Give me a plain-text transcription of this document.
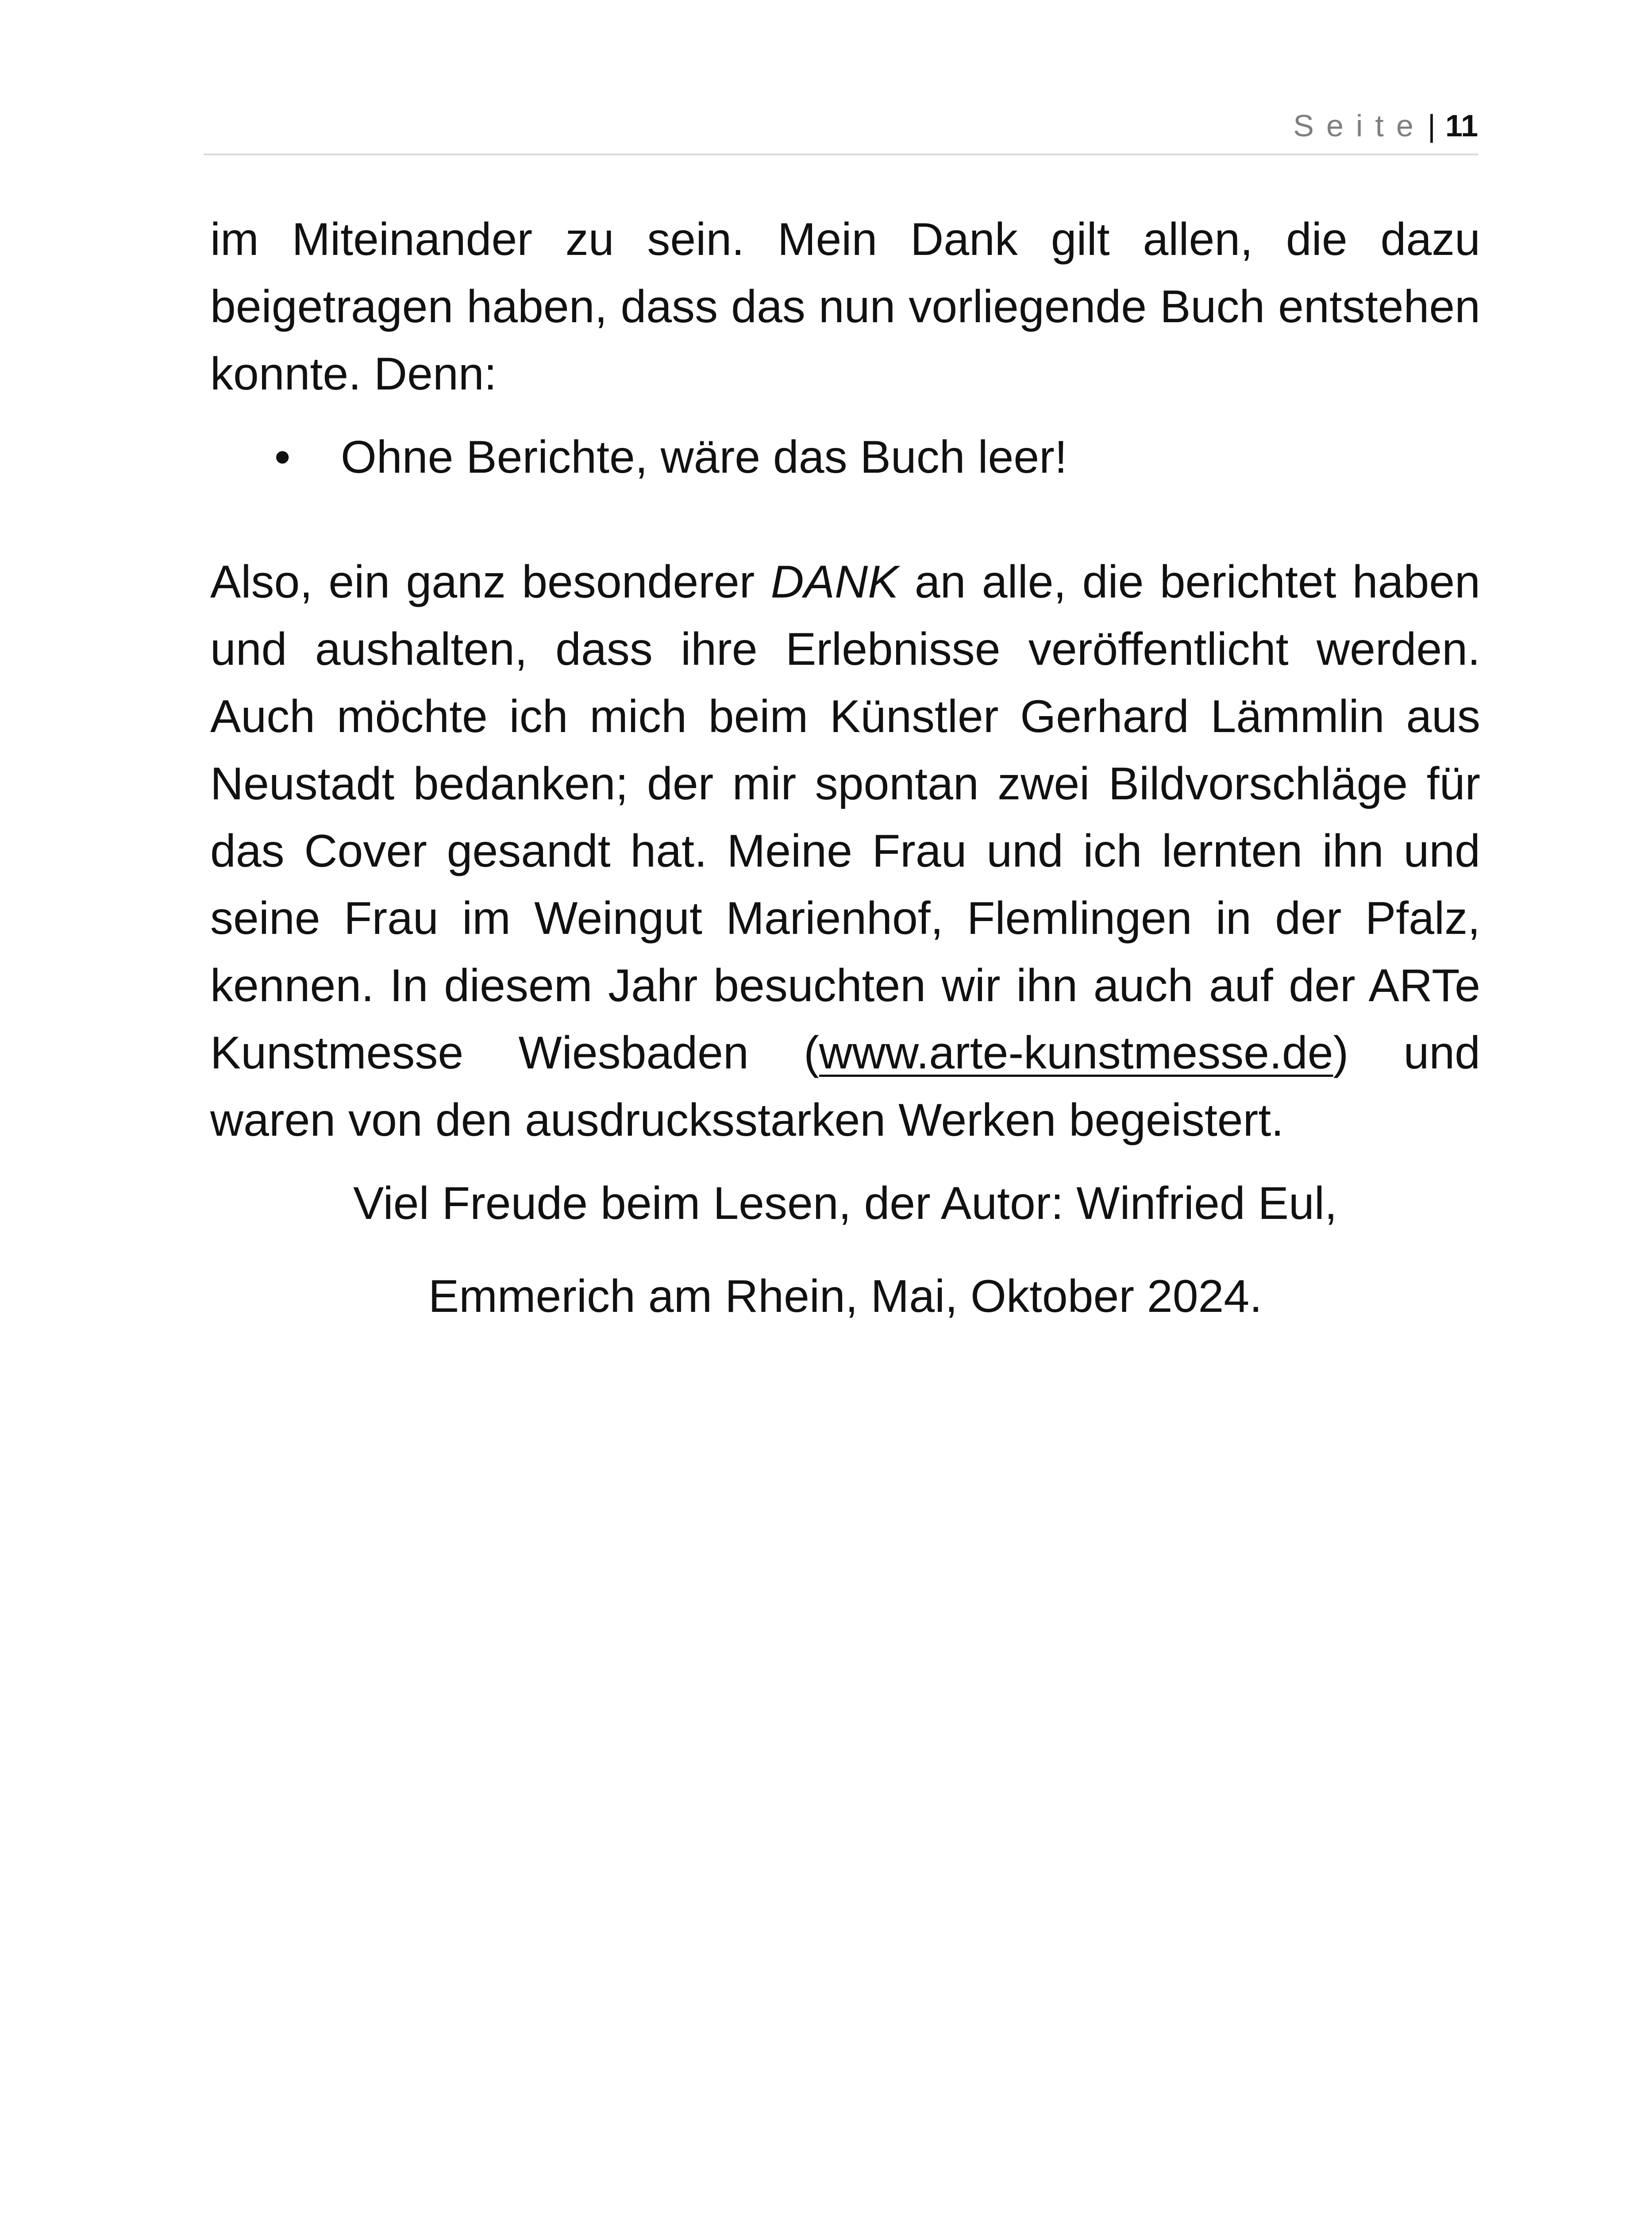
Seite| 11

im Miteinander zu sein. Mein Dank gilt allen, die dazu beigetragen haben, dass das nun vorliegende Buch entstehen konnte. Denn:

• Ohne Berichte, wäre das Buch leer!

Also, ein ganz besonderer DANK an alle, die berichtet haben und aushalten, dass ihre Erlebnisse veröffentlicht werden. Auch möchte ich mich beim Künstler Gerhard Lämmlin aus Neustadt bedanken; der mir spontan zwei Bildvorschläge für das Cover gesandt hat. Meine Frau und ich lernten ihn und seine Frau im Weingut Marienhof, Flemlingen in der Pfalz, kennen. In diesem Jahr besuchten wir ihn auch auf der ARTe Kunstmesse Wiesbaden (www.arte-kunstmesse.de) und waren von den ausdrucksstarken Werken begeistert.

Viel Freude beim Lesen, der Autor: Winfried Eul,

Emmerich am Rhein, Mai, Oktober 2024.
